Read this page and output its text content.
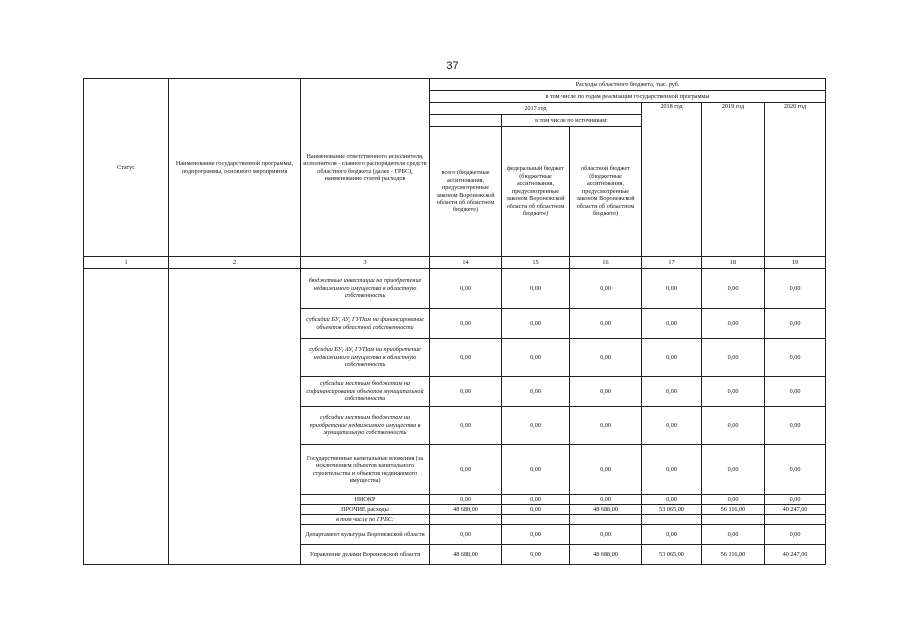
37
Статус	Наименование государственной программы, подпрограммы, основного мероприятия	Наименование ответственного исполнителя, исполнителя - главного распорядителя средств областного бюджета (далее - ГРБС), наименование статей расходов	Расходы областного бюджета, тыс. руб.					
			в том числе по годам реализации государственной программы					
			2017 год			2018 год	2019 год	2020 год
				в том числе по источникам:				
			всего (бюджетные ассигнования, предусмотренные законом Воронежской области об областном бюджете)	федеральный бюджет (бюджетные ассигнования, предусмотренные законом Воронежской области об областном бюджете)	областной бюджет (бюджетные ассигнования, предусмотренные законом Воронежской области об областном бюджете)			
1	2	3	14	15	16	17	18	19
		бюджетные инвестиции на приобретение недвижимого имущества в областную собственность	0,00	0,00	0,00	0,00	0,00	0,00
		субсидии БУ, АУ, ГУПам на финансирование объектов областной собственности	0,00	0,00	0,00	0,00	0,00	0,00
		субсидии БУ, АУ, ГУПам на приобретение недвижимого имущества в областную собственность	0,00	0,00	0,00	0,00	0,00	0,00
		субсидии местным бюджетам на софинансирование объектов муниципальной собственности	0,00	0,00	0,00	0,00	0,00	0,00
		субсидии местным бюджетам на приобретение недвижимого имущества в муниципальную собственность	0,00	0,00	0,00	0,00	0,00	0,00
		Государственные капитальные вложения (за исключением объектов капитального строительства и объектов недвижимого имущества)	0,00	0,00	0,00	0,00	0,00	0,00
		НИОКР	0,00	0,00	0,00	0,00	0,00	0,00
		ПРОЧИЕ расходы	48 688,00	0,00	48 688,00	53 065,00	56 116,00	40 247,00
		в том числе по ГРБС:						
		Департамент культуры Воронежской области	0,00	0,00	0,00	0,00	0,00	0,00
		Управление делами Воронежской области	48 688,00	0,00	48 688,00	53 065,00	56 116,00	40 247,00
